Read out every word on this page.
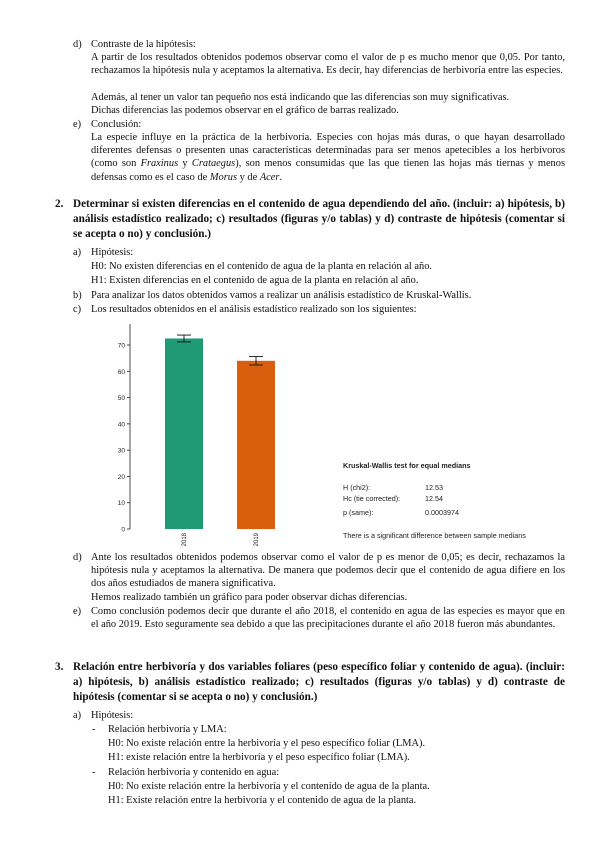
d) Contraste de la hipótesis:
A partir de los resultados obtenidos podemos observar como el valor de p es mucho menor que 0,05. Por tanto, rechazamos la hipótesis nula y aceptamos la alternativa. Es decir, hay diferencias de herbivoría entre las especies.
Además, al tener un valor tan pequeño nos está indicando que las diferencias son muy significativas.
Dichas diferencias las podemos observar en el gráfico de barras realizado.
e) Conclusión:
La especie influye en la práctica de la herbivoría. Especies con hojas más duras, o que hayan desarrollado diferentes defensas o presenten unas características determinadas para ser menos apetecibles a los herbívoros (como son Fraxinus y Crataegus), son menos consumidas que las que tienen las hojas más tiernas y menos defensas como es el caso de Morus y de Acer.
2. Determinar si existen diferencias en el contenido de agua dependiendo del año. (incluir: a) hipótesis, b) análisis estadístico realizado; c) resultados (figuras y/o tablas) y d) contraste de hipótesis (comentar si se acepta o no) y conclusión.)
a) Hipótesis:
H0: No existen diferencias en el contenido de agua de la planta en relación al año.
H1: Existen diferencias en el contenido de agua de la planta en relación al año.
b) Para analizar los datos obtenidos vamos a realizar un análisis estadístico de Kruskal-Wallis.
c) Los resultados obtenidos en el análisis estadístico realizado son los siguientes:
0
10
20
30
40
50
60
70
2018	2019
Kruskal-Wallis test for equal medians
H (chi2):	12.53
Hc (tie corrected):	12.54
p (same):	0.0003974
There is a significant difference between sample medians
d) Ante los resultados obtenidos podemos observar como el valor de p es menor de 0,05; es decir, rechazamos la hipótesis nula y aceptamos la alternativa. De manera que podemos decir que el contenido de agua difiere en los dos años estudiados de manera significativa.
Hemos realizado también un gráfico para poder observar dichas diferencias.
e) Como conclusión podemos decir que durante el año 2018, el contenido en agua de las especies es mayor que en el año 2019. Esto seguramente sea debido a que las precipitaciones durante el año 2018 fueron más abundantes.
3. Relación entre herbivoría y dos variables foliares (peso específico foliar y contenido de agua). (incluir: a) hipótesis, b) análisis estadístico realizado; c) resultados (figuras y/o tablas) y d) contraste de hipótesis (comentar si se acepta o no) y conclusión.)
a) Hipótesis:
- Relación herbivoría y LMA:
H0: No existe relación entre la herbivoría y el peso específico foliar (LMA).
H1: existe relación entre la herbivoría y el peso específico foliar (LMA).
- Relación herbivoría y contenido en agua:
H0: No existe relación entre la herbivoría y el contenido de agua de la planta.
H1: Existe relación entre la herbivoría y el contenido de agua de la planta.
